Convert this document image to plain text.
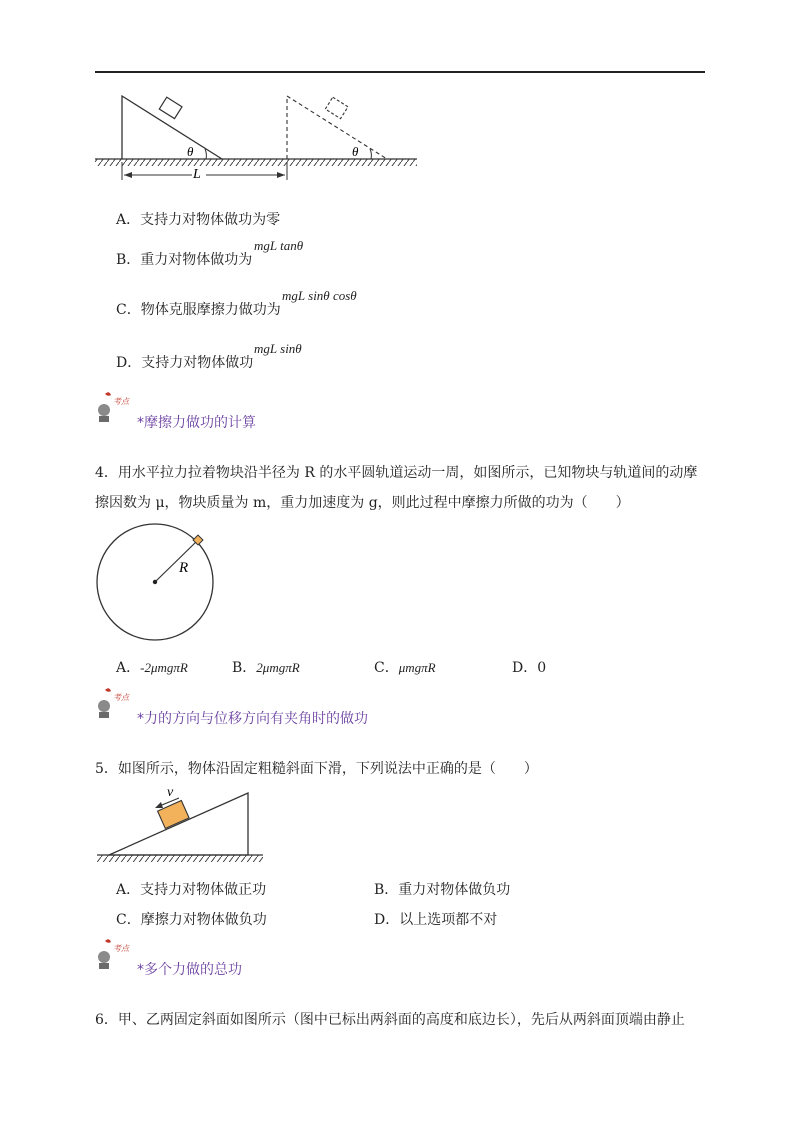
θ	θ
L
A．支持力对物体做功为零
B．重力对物体做功为
mgL tanθ
C．物体克服摩擦力做功为
mgL sinθ cosθ
D．支持力对物体做功
mgL sinθ
考点
*摩擦力做功的计算
4．用水平拉力拉着物块沿半径为 R 的水平圆轨道运动一周，如图所示，已知物块与轨道间的动摩
擦因数为 μ，物块质量为 m，重力加速度为 g，则此过程中摩擦力所做的功为（　　）
R
A．-2μmgπR	B．2μmgπR	C．μmgπR	D．0
考点
*力的方向与位移方向有夹角时的做功
5．如图所示，物体沿固定粗糙斜面下滑，下列说法中正确的是（　　）
v
A．支持力对物体做正功	B．重力对物体做负功
C．摩擦力对物体做负功	D．以上选项都不对
考点
*多个力做的总功
6．甲、乙两固定斜面如图所示（图中已标出两斜面的高度和底边长），先后从两斜面顶端由静止
